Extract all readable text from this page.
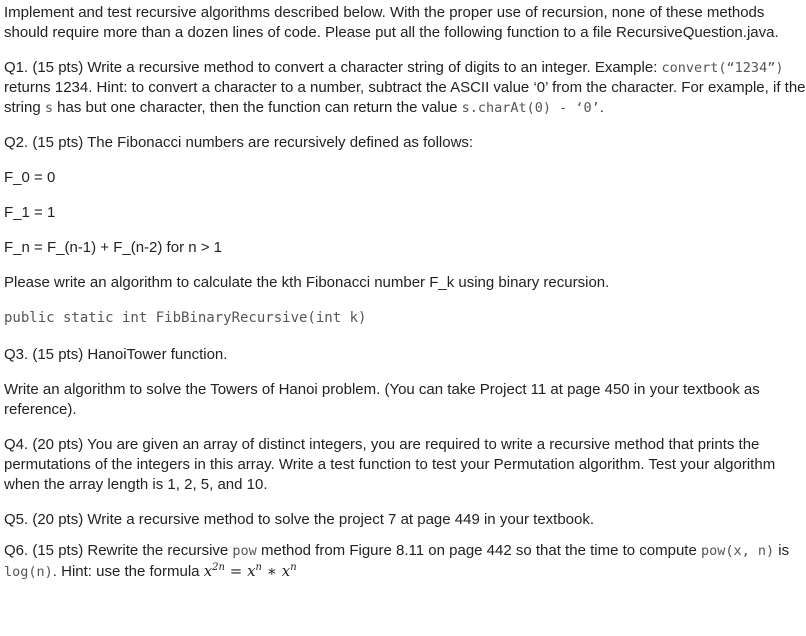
Implement and test recursive algorithms described below. With the proper use of recursion, none of these methods should require more than a dozen lines of code. Please put all the following function to a file RecursiveQuestion.java.

Q1. (15 pts) Write a recursive method to convert a character string of digits to an integer. Example: convert(“1234”) returns 1234. Hint: to convert a character to a number, subtract the ASCII value ‘0’ from the character. For example, if the string s has but one character, then the function can return the value s.charAt(0) - ‘0’.

Q2. (15 pts) The Fibonacci numbers are recursively defined as follows:

F_0 = 0

F_1 = 1

F_n = F_(n-1) + F_(n-2) for n > 1

Please write an algorithm to calculate the kth Fibonacci number F_k using binary recursion.

public static int FibBinaryRecursive(int k)

Q3. (15 pts) HanoiTower function.

Write an algorithm to solve the Towers of Hanoi problem. (You can take Project 11 at page 450 in your textbook as reference).

Q4. (20 pts) You are given an array of distinct integers, you are required to write a recursive method that prints the permutations of the integers in this array. Write a test function to test your Permutation algorithm. Test your algorithm when the array length is 1, 2, 5, and 10.

Q5. (20 pts) Write a recursive method to solve the project 7 at page 449 in your textbook.

Q6. (15 pts) Rewrite the recursive pow method from Figure 8.11 on page 442 so that the time to compute pow(x, n) is log(n). Hint: use the formula $x^{2n} = x^n$ ∗ $x^n$
